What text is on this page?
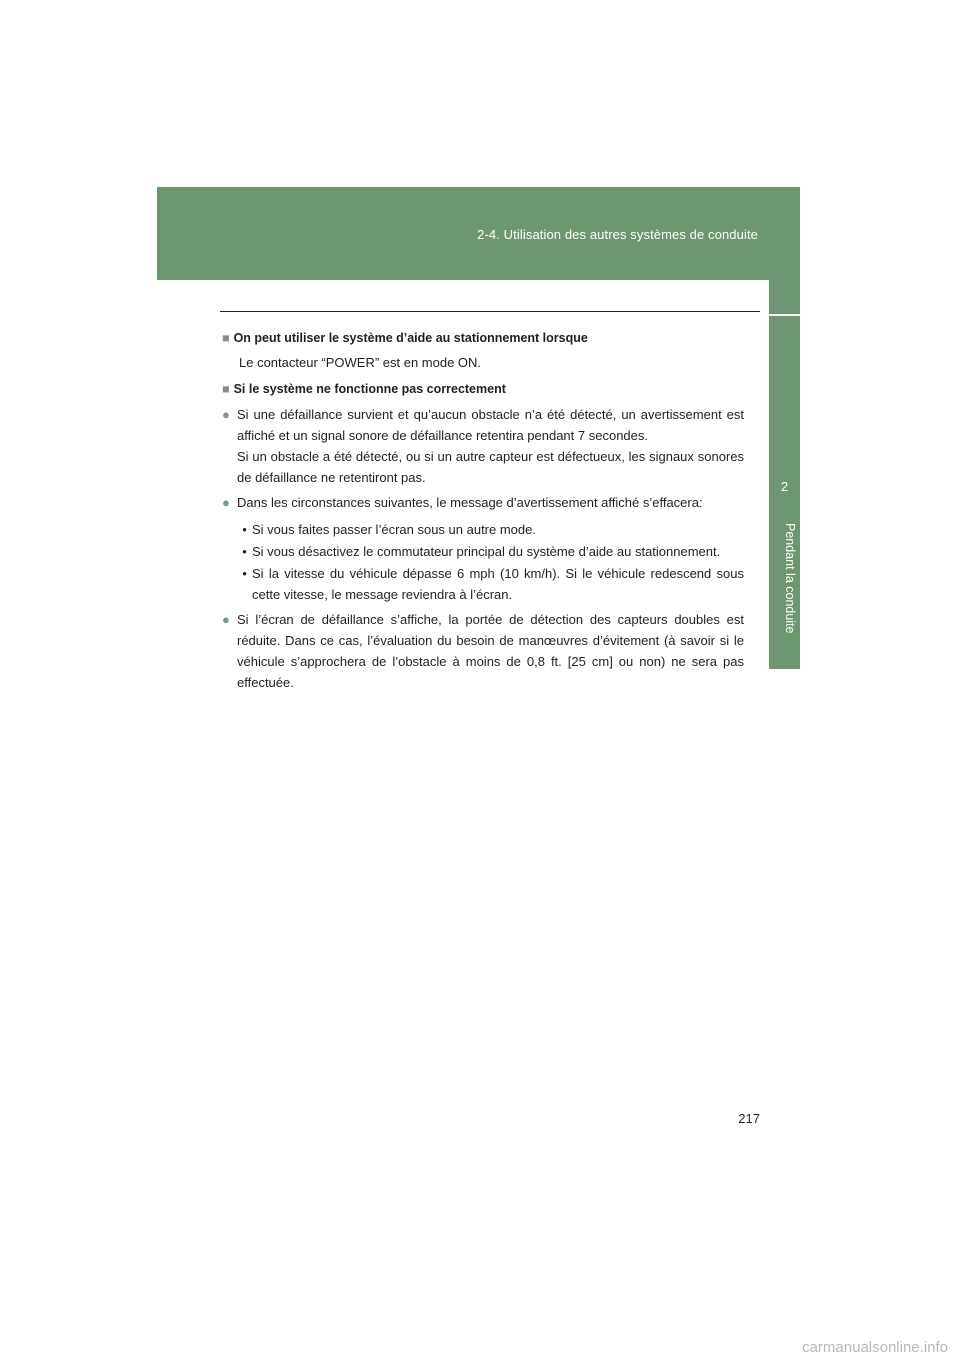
2-4. Utilisation des autres systèmes de conduite
2
Pendant la conduite
■ On peut utiliser le système d’aide au stationnement lorsque
Le contacteur “POWER” est en mode ON.
■ Si le système ne fonctionne pas correctement
● Si une défaillance survient et qu’aucun obstacle n’a été détecté, un avertissement est affiché et un signal sonore de défaillance retentira pendant 7 secondes.

Si un obstacle a été détecté, ou si un autre capteur est défectueux, les signaux sonores de défaillance ne retentiront pas.

● Dans les circonstances suivantes, le message d’avertissement affiché s’effacera:

• Si vous faites passer l’écran sous un autre mode.
• Si vous désactivez le commutateur principal du système d’aide au stationnement.
• Si la vitesse du véhicule dépasse 6 mph (10 km/h). Si le véhicule redescend sous cette vitesse, le message reviendra à l’écran.
● Si l’écran de défaillance s’affiche, la portée de détection des capteurs doubles est réduite. Dans ce cas, l’évaluation du besoin de manœuvres d’évitement (à savoir si le véhicule s’approchera de l’obstacle à moins de 0,8 ft. [25 cm] ou non) ne sera pas effectuée.

217
carmanualsonline.info
